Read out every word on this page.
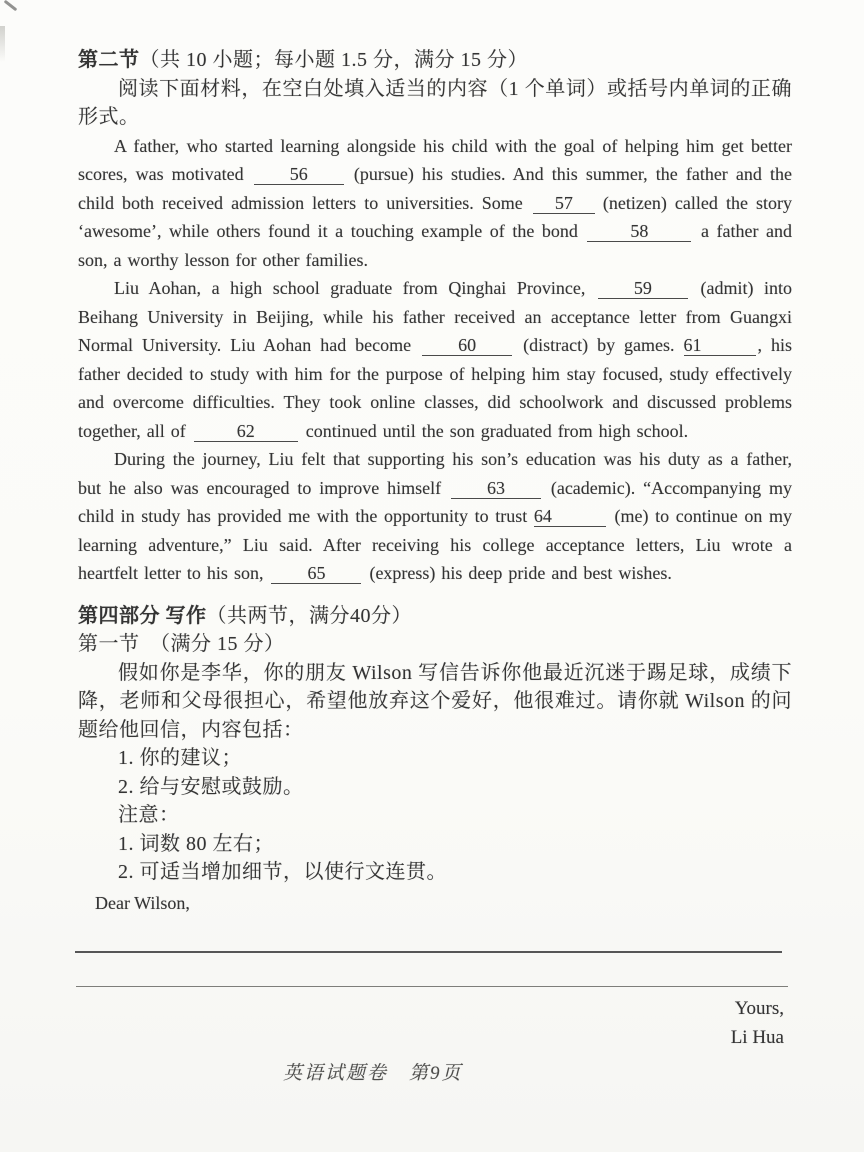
第二节（共 10 小题；每小题 1.5 分，满分 15 分）

阅读下面材料，在空白处填入适当的内容（1 个单词）或括号内单词的正确形式。

A father, who started learning alongside his child with the goal of helping him get better scores, was motivated 56 (pursue) his studies. And this summer, the father and the child both received admission letters to universities. Some 57 (netizen) called the story ‘awesome’, while others found it a touching example of the bond	58	a father and son, a worthy lesson for other families.

Liu Aohan, a high school graduate from Qinghai Province, 59 (admit) into Beihang University in Beijing, while his father received an acceptance letter from Guangxi Normal University. Liu Aohan had become 60 (distract) by games. 61	, his father decided to study with him for the purpose of helping him stay focused, study effectively and overcome difficulties. They took online classes, did schoolwork and discussed problems together, all of	62	continued until the son graduated from high school.

During the journey, Liu felt that supporting his son’s education was his duty as a father, but he also was encouraged to improve himself 63 (academic). “Accompanying my child in study has provided me with the opportunity to trust 64	(me) to continue on my learning adventure,” Liu said. After receiving his college acceptance letters, Liu wrote a heartfelt letter to his son, 65 (express) his deep pride and best wishes.

第四部分 写作（共两节，满分40分）
第一节　（满分 15 分）

假如你是李华，你的朋友 Wilson 写信告诉你他最近沉迷于踢足球，成绩下降，老师和父母很担心，希望他放弃这个爱好，他很难过。请你就 Wilson 的问题给他回信，内容包括：

1. 你的建议；
2. 给与安慰或鼓励。
注意：
1. 词数 80 左右；
2. 可适当增加细节，以使行文连贯。
Dear Wilson,
Yours,
Li Hua
英语试题卷　第9页
